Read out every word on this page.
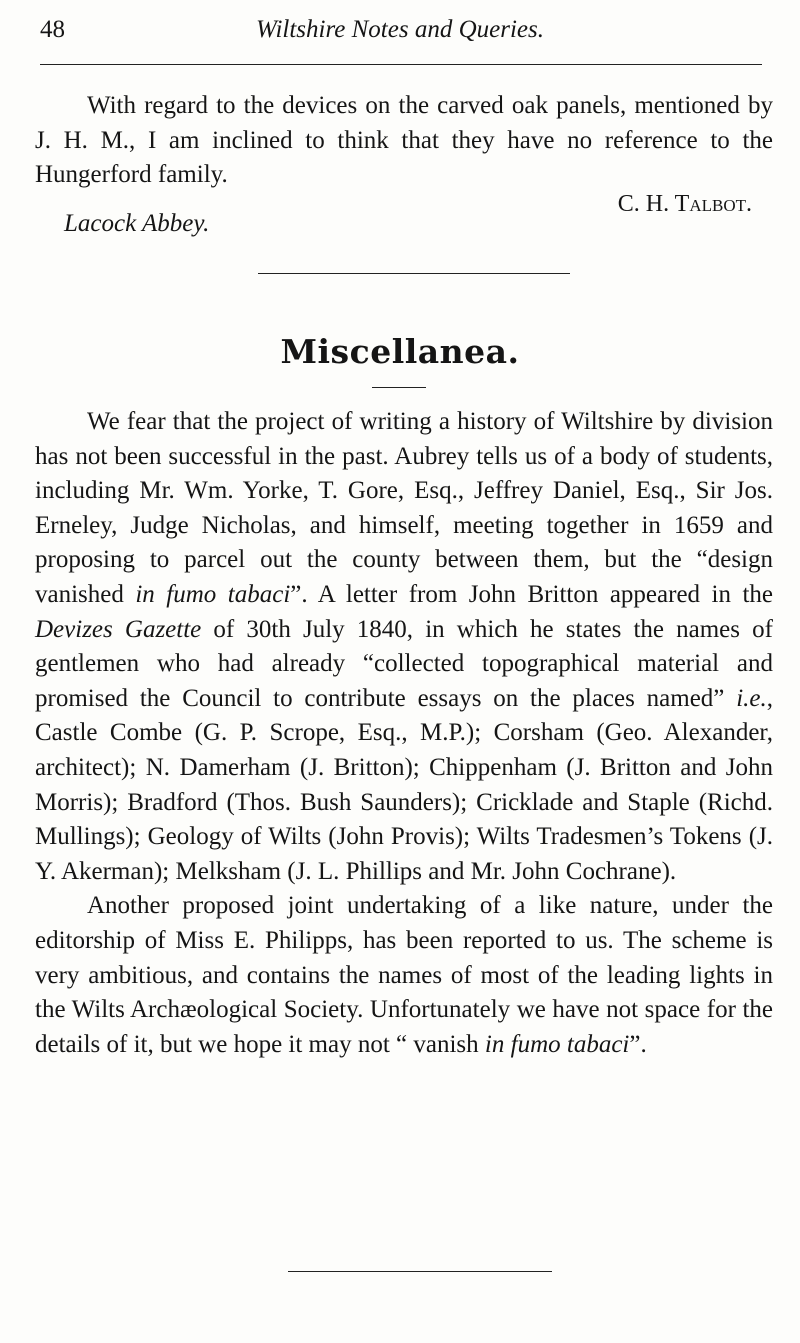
48	Wiltshire Notes and Queries.

With regard to the devices on the carved oak panels, mentioned by J. H. M., I am inclined to think that they have no reference to the Hungerford family.

C. H. Talbot.
Lacock Abbey.
Miscellanea.

We fear that the project of writing a history of Wiltshire by division has not been successful in the past. Aubrey tells us of a body of students, including Mr. Wm. Yorke, T. Gore, Esq., Jeffrey Daniel, Esq., Sir Jos. Erneley, Judge Nicholas, and himself, meeting together in 1659 and proposing to parcel out the county between them, but the “design vanished in fumo tabaci”. A letter from John Britton appeared in the Devizes Gazette of 30th July 1840, in which he states the names of gentlemen who had already “collected topographical material and promised the Council to contribute essays on the places named” i.e., Castle Combe (G. P. Scrope, Esq., M.P.); Corsham (Geo. Alexander, architect); N. Damerham (J. Britton); Chippenham (J. Britton and John Morris); Bradford (Thos. Bush Saunders); Cricklade and Staple (Richd. Mullings); Geology of Wilts (John Provis); Wilts Tradesmen’s Tokens (J. Y. Akerman); Melksham (J. L. Phillips and Mr. John Cochrane).

Another proposed joint undertaking of a like nature, under the editorship of Miss E. Philipps, has been reported to us. The scheme is very ambitious, and contains the names of most of the leading lights in the Wilts Archæological Society. Unfortunately we have not space for the details of it, but we hope it may not “ vanish in fumo tabaci”.
